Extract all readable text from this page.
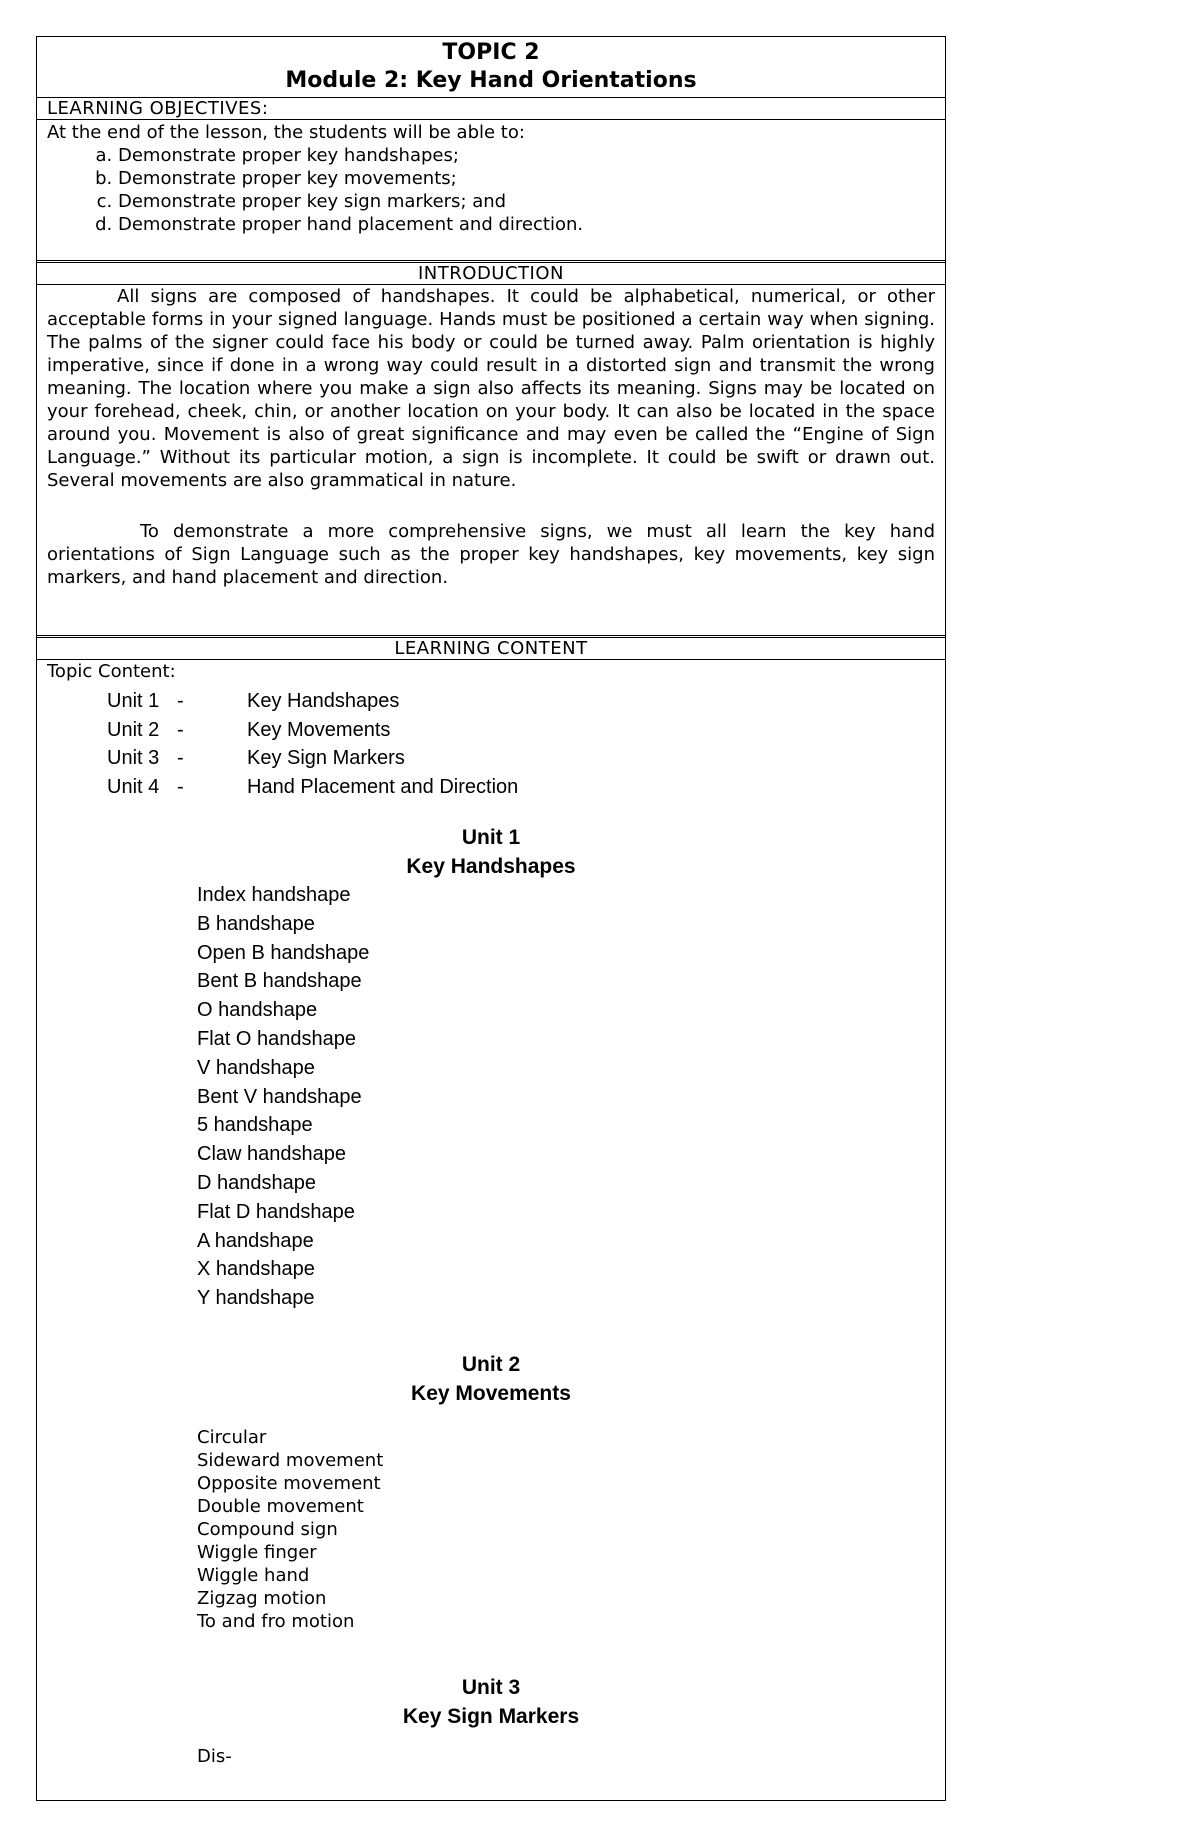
TOPIC 2
Module 2: Key Hand Orientations
LEARNING OBJECTIVES:
At the end of the lesson, the students will be able to:
a. Demonstrate proper key handshapes;
b. Demonstrate proper key movements;
c. Demonstrate proper key sign markers; and
d. Demonstrate proper hand placement and direction.
INTRODUCTION

All signs are composed of handshapes. It could be alphabetical, numerical, or other acceptable forms in your signed language. Hands must be positioned a certain way when signing. The palms of the signer could face his body or could be turned away. Palm orientation is highly imperative, since if done in a wrong way could result in a distorted sign and transmit the wrong meaning. The location where you make a sign also affects its meaning. Signs may be located on your forehead, cheek, chin, or another location on your body. It can also be located in the space around you. Movement is also of great significance and may even be called the “Engine of Sign Language.” Without its particular motion, a sign is incomplete. It could be swift or drawn out. Several movements are also grammatical in nature.

To demonstrate a more comprehensive signs, we must all learn the key hand orientations of Sign Language such as the proper key handshapes, key movements, key sign markers, and hand placement and direction.

LEARNING CONTENT
Topic Content:
Unit 1 -	Key Handshapes
Unit 2 -	Key Movements
Unit 3 -	Key Sign Markers
Unit 4 -	Hand Placement and Direction
Unit 1
Key Handshapes
Index handshape
B handshape
Open B handshape
Bent B handshape
O handshape
Flat O handshape
V handshape
Bent V handshape
5 handshape
Claw handshape
D handshape
Flat D handshape
A handshape
X handshape
Y handshape
Unit 2
Key Movements
Circular
Sideward movement
Opposite movement
Double movement
Compound sign
Wiggle finger
Wiggle hand
Zigzag motion
To and fro motion
Unit 3
Key Sign Markers
Dis-
